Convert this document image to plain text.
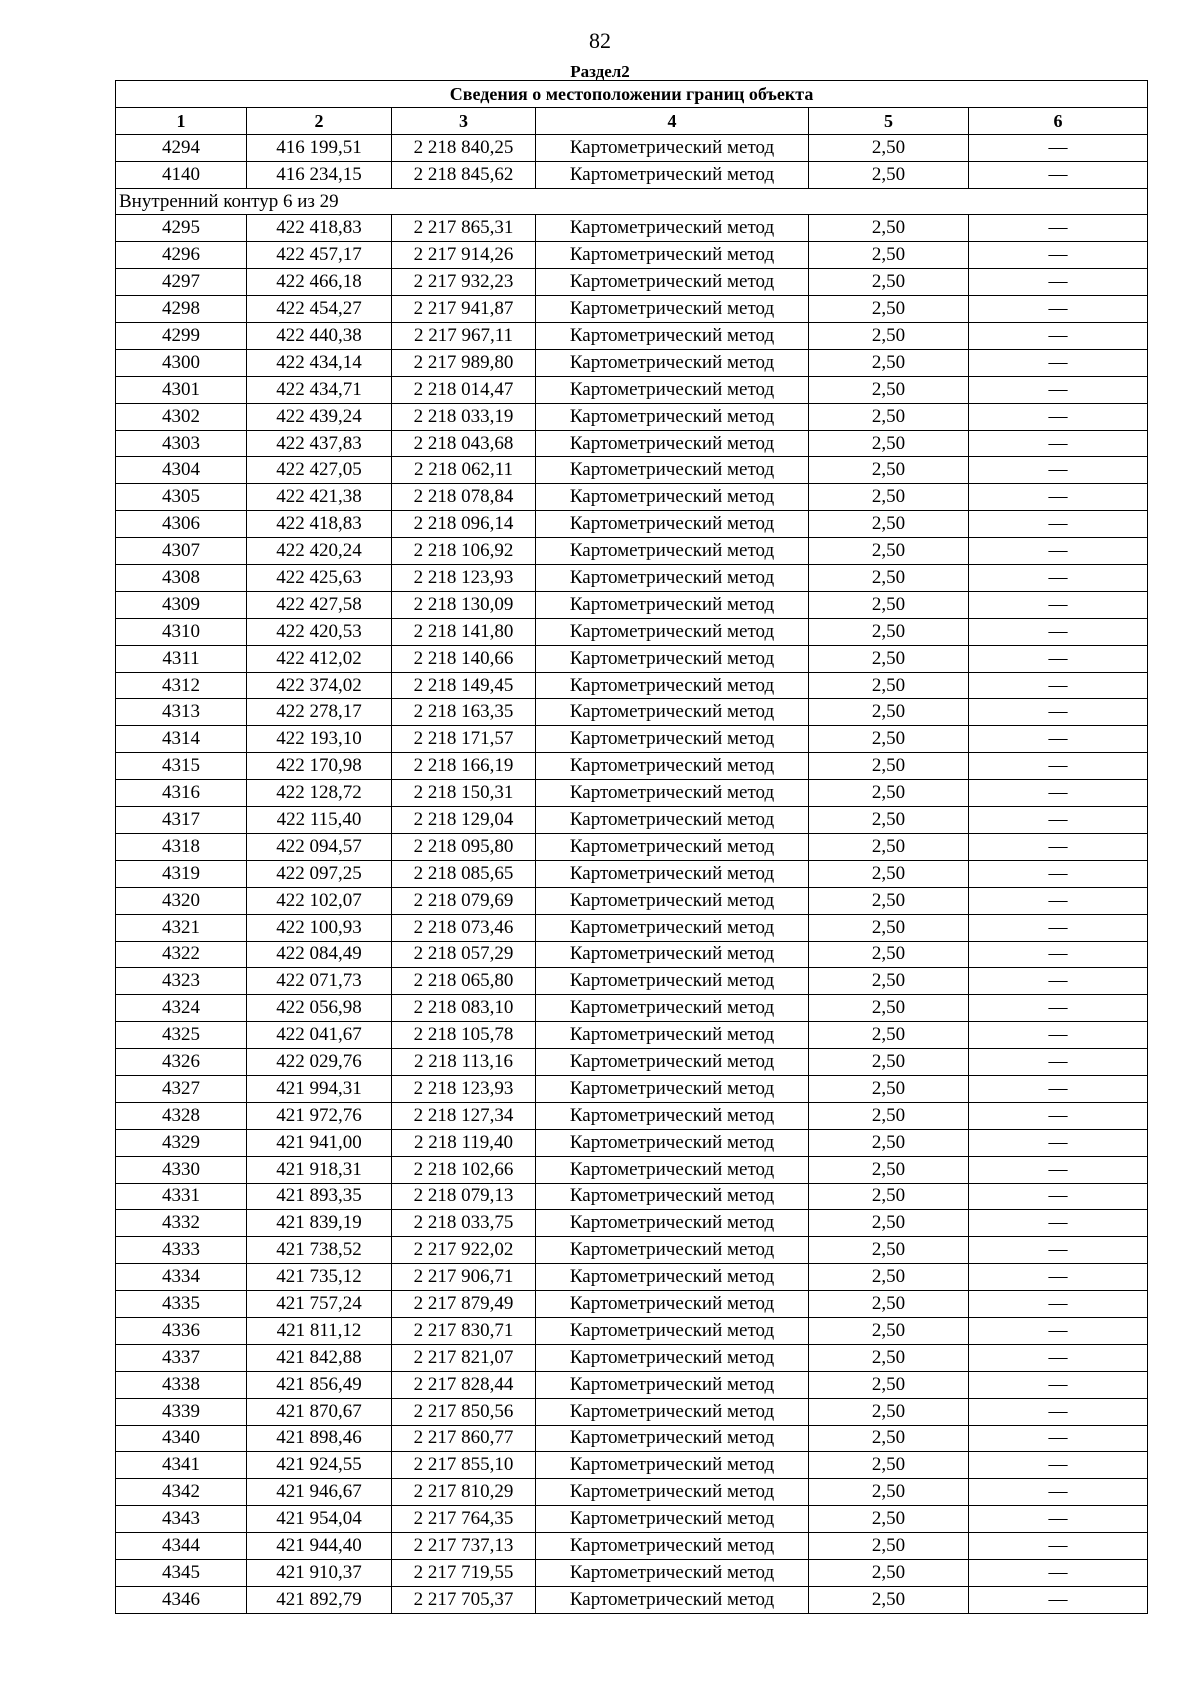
82
Раздел2
Сведения о местоположении границ объекта					
1	2	3	4	5	6
4294	416 199,51	2 218 840,25	Картометрический метод	2,50	—
4140	416 234,15	2 218 845,62	Картометрический метод	2,50	—
Внутренний контур 6 из 29					
4295	422 418,83	2 217 865,31	Картометрический метод	2,50	—
4296	422 457,17	2 217 914,26	Картометрический метод	2,50	—
4297	422 466,18	2 217 932,23	Картометрический метод	2,50	—
4298	422 454,27	2 217 941,87	Картометрический метод	2,50	—
4299	422 440,38	2 217 967,11	Картометрический метод	2,50	—
4300	422 434,14	2 217 989,80	Картометрический метод	2,50	—
4301	422 434,71	2 218 014,47	Картометрический метод	2,50	—
4302	422 439,24	2 218 033,19	Картометрический метод	2,50	—
4303	422 437,83	2 218 043,68	Картометрический метод	2,50	—
4304	422 427,05	2 218 062,11	Картометрический метод	2,50	—
4305	422 421,38	2 218 078,84	Картометрический метод	2,50	—
4306	422 418,83	2 218 096,14	Картометрический метод	2,50	—
4307	422 420,24	2 218 106,92	Картометрический метод	2,50	—
4308	422 425,63	2 218 123,93	Картометрический метод	2,50	—
4309	422 427,58	2 218 130,09	Картометрический метод	2,50	—
4310	422 420,53	2 218 141,80	Картометрический метод	2,50	—
4311	422 412,02	2 218 140,66	Картометрический метод	2,50	—
4312	422 374,02	2 218 149,45	Картометрический метод	2,50	—
4313	422 278,17	2 218 163,35	Картометрический метод	2,50	—
4314	422 193,10	2 218 171,57	Картометрический метод	2,50	—
4315	422 170,98	2 218 166,19	Картометрический метод	2,50	—
4316	422 128,72	2 218 150,31	Картометрический метод	2,50	—
4317	422 115,40	2 218 129,04	Картометрический метод	2,50	—
4318	422 094,57	2 218 095,80	Картометрический метод	2,50	—
4319	422 097,25	2 218 085,65	Картометрический метод	2,50	—
4320	422 102,07	2 218 079,69	Картометрический метод	2,50	—
4321	422 100,93	2 218 073,46	Картометрический метод	2,50	—
4322	422 084,49	2 218 057,29	Картометрический метод	2,50	—
4323	422 071,73	2 218 065,80	Картометрический метод	2,50	—
4324	422 056,98	2 218 083,10	Картометрический метод	2,50	—
4325	422 041,67	2 218 105,78	Картометрический метод	2,50	—
4326	422 029,76	2 218 113,16	Картометрический метод	2,50	—
4327	421 994,31	2 218 123,93	Картометрический метод	2,50	—
4328	421 972,76	2 218 127,34	Картометрический метод	2,50	—
4329	421 941,00	2 218 119,40	Картометрический метод	2,50	—
4330	421 918,31	2 218 102,66	Картометрический метод	2,50	—
4331	421 893,35	2 218 079,13	Картометрический метод	2,50	—
4332	421 839,19	2 218 033,75	Картометрический метод	2,50	—
4333	421 738,52	2 217 922,02	Картометрический метод	2,50	—
4334	421 735,12	2 217 906,71	Картометрический метод	2,50	—
4335	421 757,24	2 217 879,49	Картометрический метод	2,50	—
4336	421 811,12	2 217 830,71	Картометрический метод	2,50	—
4337	421 842,88	2 217 821,07	Картометрический метод	2,50	—
4338	421 856,49	2 217 828,44	Картометрический метод	2,50	—
4339	421 870,67	2 217 850,56	Картометрический метод	2,50	—
4340	421 898,46	2 217 860,77	Картометрический метод	2,50	—
4341	421 924,55	2 217 855,10	Картометрический метод	2,50	—
4342	421 946,67	2 217 810,29	Картометрический метод	2,50	—
4343	421 954,04	2 217 764,35	Картометрический метод	2,50	—
4344	421 944,40	2 217 737,13	Картометрический метод	2,50	—
4345	421 910,37	2 217 719,55	Картометрический метод	2,50	—
4346	421 892,79	2 217 705,37	Картометрический метод	2,50	—
